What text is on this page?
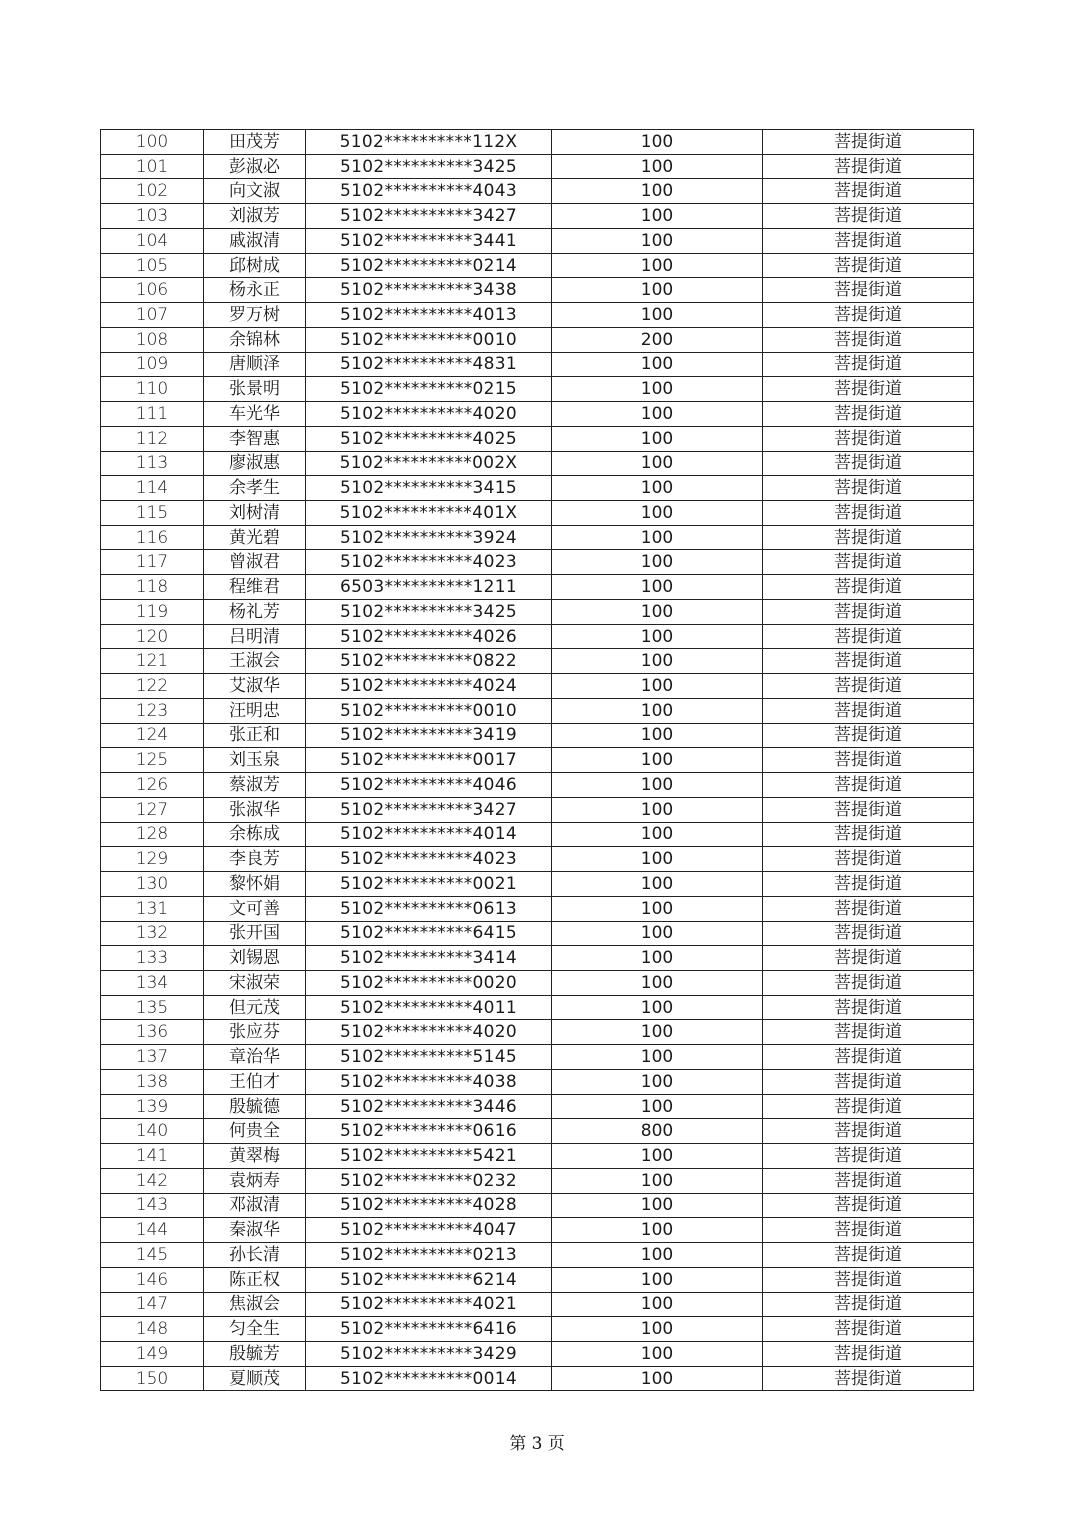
100	田茂芳	5102**********112X	100	菩提街道
101	彭淑必	5102**********3425	100	菩提街道
102	向文淑	5102**********4043	100	菩提街道
103	刘淑芳	5102**********3427	100	菩提街道
104	戚淑清	5102**********3441	100	菩提街道
105	邱树成	5102**********0214	100	菩提街道
106	杨永正	5102**********3438	100	菩提街道
107	罗万树	5102**********4013	100	菩提街道
108	余锦林	5102**********0010	200	菩提街道
109	唐顺泽	5102**********4831	100	菩提街道
110	张景明	5102**********0215	100	菩提街道
111	车光华	5102**********4020	100	菩提街道
112	李智惠	5102**********4025	100	菩提街道
113	廖淑惠	5102**********002X	100	菩提街道
114	余孝生	5102**********3415	100	菩提街道
115	刘树清	5102**********401X	100	菩提街道
116	黄光碧	5102**********3924	100	菩提街道
117	曾淑君	5102**********4023	100	菩提街道
118	程维君	6503**********1211	100	菩提街道
119	杨礼芳	5102**********3425	100	菩提街道
120	吕明清	5102**********4026	100	菩提街道
121	王淑会	5102**********0822	100	菩提街道
122	艾淑华	5102**********4024	100	菩提街道
123	汪明忠	5102**********0010	100	菩提街道
124	张正和	5102**********3419	100	菩提街道
125	刘玉泉	5102**********0017	100	菩提街道
126	蔡淑芳	5102**********4046	100	菩提街道
127	张淑华	5102**********3427	100	菩提街道
128	余栋成	5102**********4014	100	菩提街道
129	李良芳	5102**********4023	100	菩提街道
130	黎怀娟	5102**********0021	100	菩提街道
131	文可善	5102**********0613	100	菩提街道
132	张开国	5102**********6415	100	菩提街道
133	刘锡恩	5102**********3414	100	菩提街道
134	宋淑荣	5102**********0020	100	菩提街道
135	但元茂	5102**********4011	100	菩提街道
136	张应芬	5102**********4020	100	菩提街道
137	章治华	5102**********5145	100	菩提街道
138	王伯才	5102**********4038	100	菩提街道
139	殷毓德	5102**********3446	100	菩提街道
140	何贵全	5102**********0616	800	菩提街道
141	黄翠梅	5102**********5421	100	菩提街道
142	袁炳寿	5102**********0232	100	菩提街道
143	邓淑清	5102**********4028	100	菩提街道
144	秦淑华	5102**********4047	100	菩提街道
145	孙长清	5102**********0213	100	菩提街道
146	陈正权	5102**********6214	100	菩提街道
147	焦淑会	5102**********4021	100	菩提街道
148	匀全生	5102**********6416	100	菩提街道
149	殷毓芳	5102**********3429	100	菩提街道
150	夏顺茂	5102**********0014	100	菩提街道
第 3 页
